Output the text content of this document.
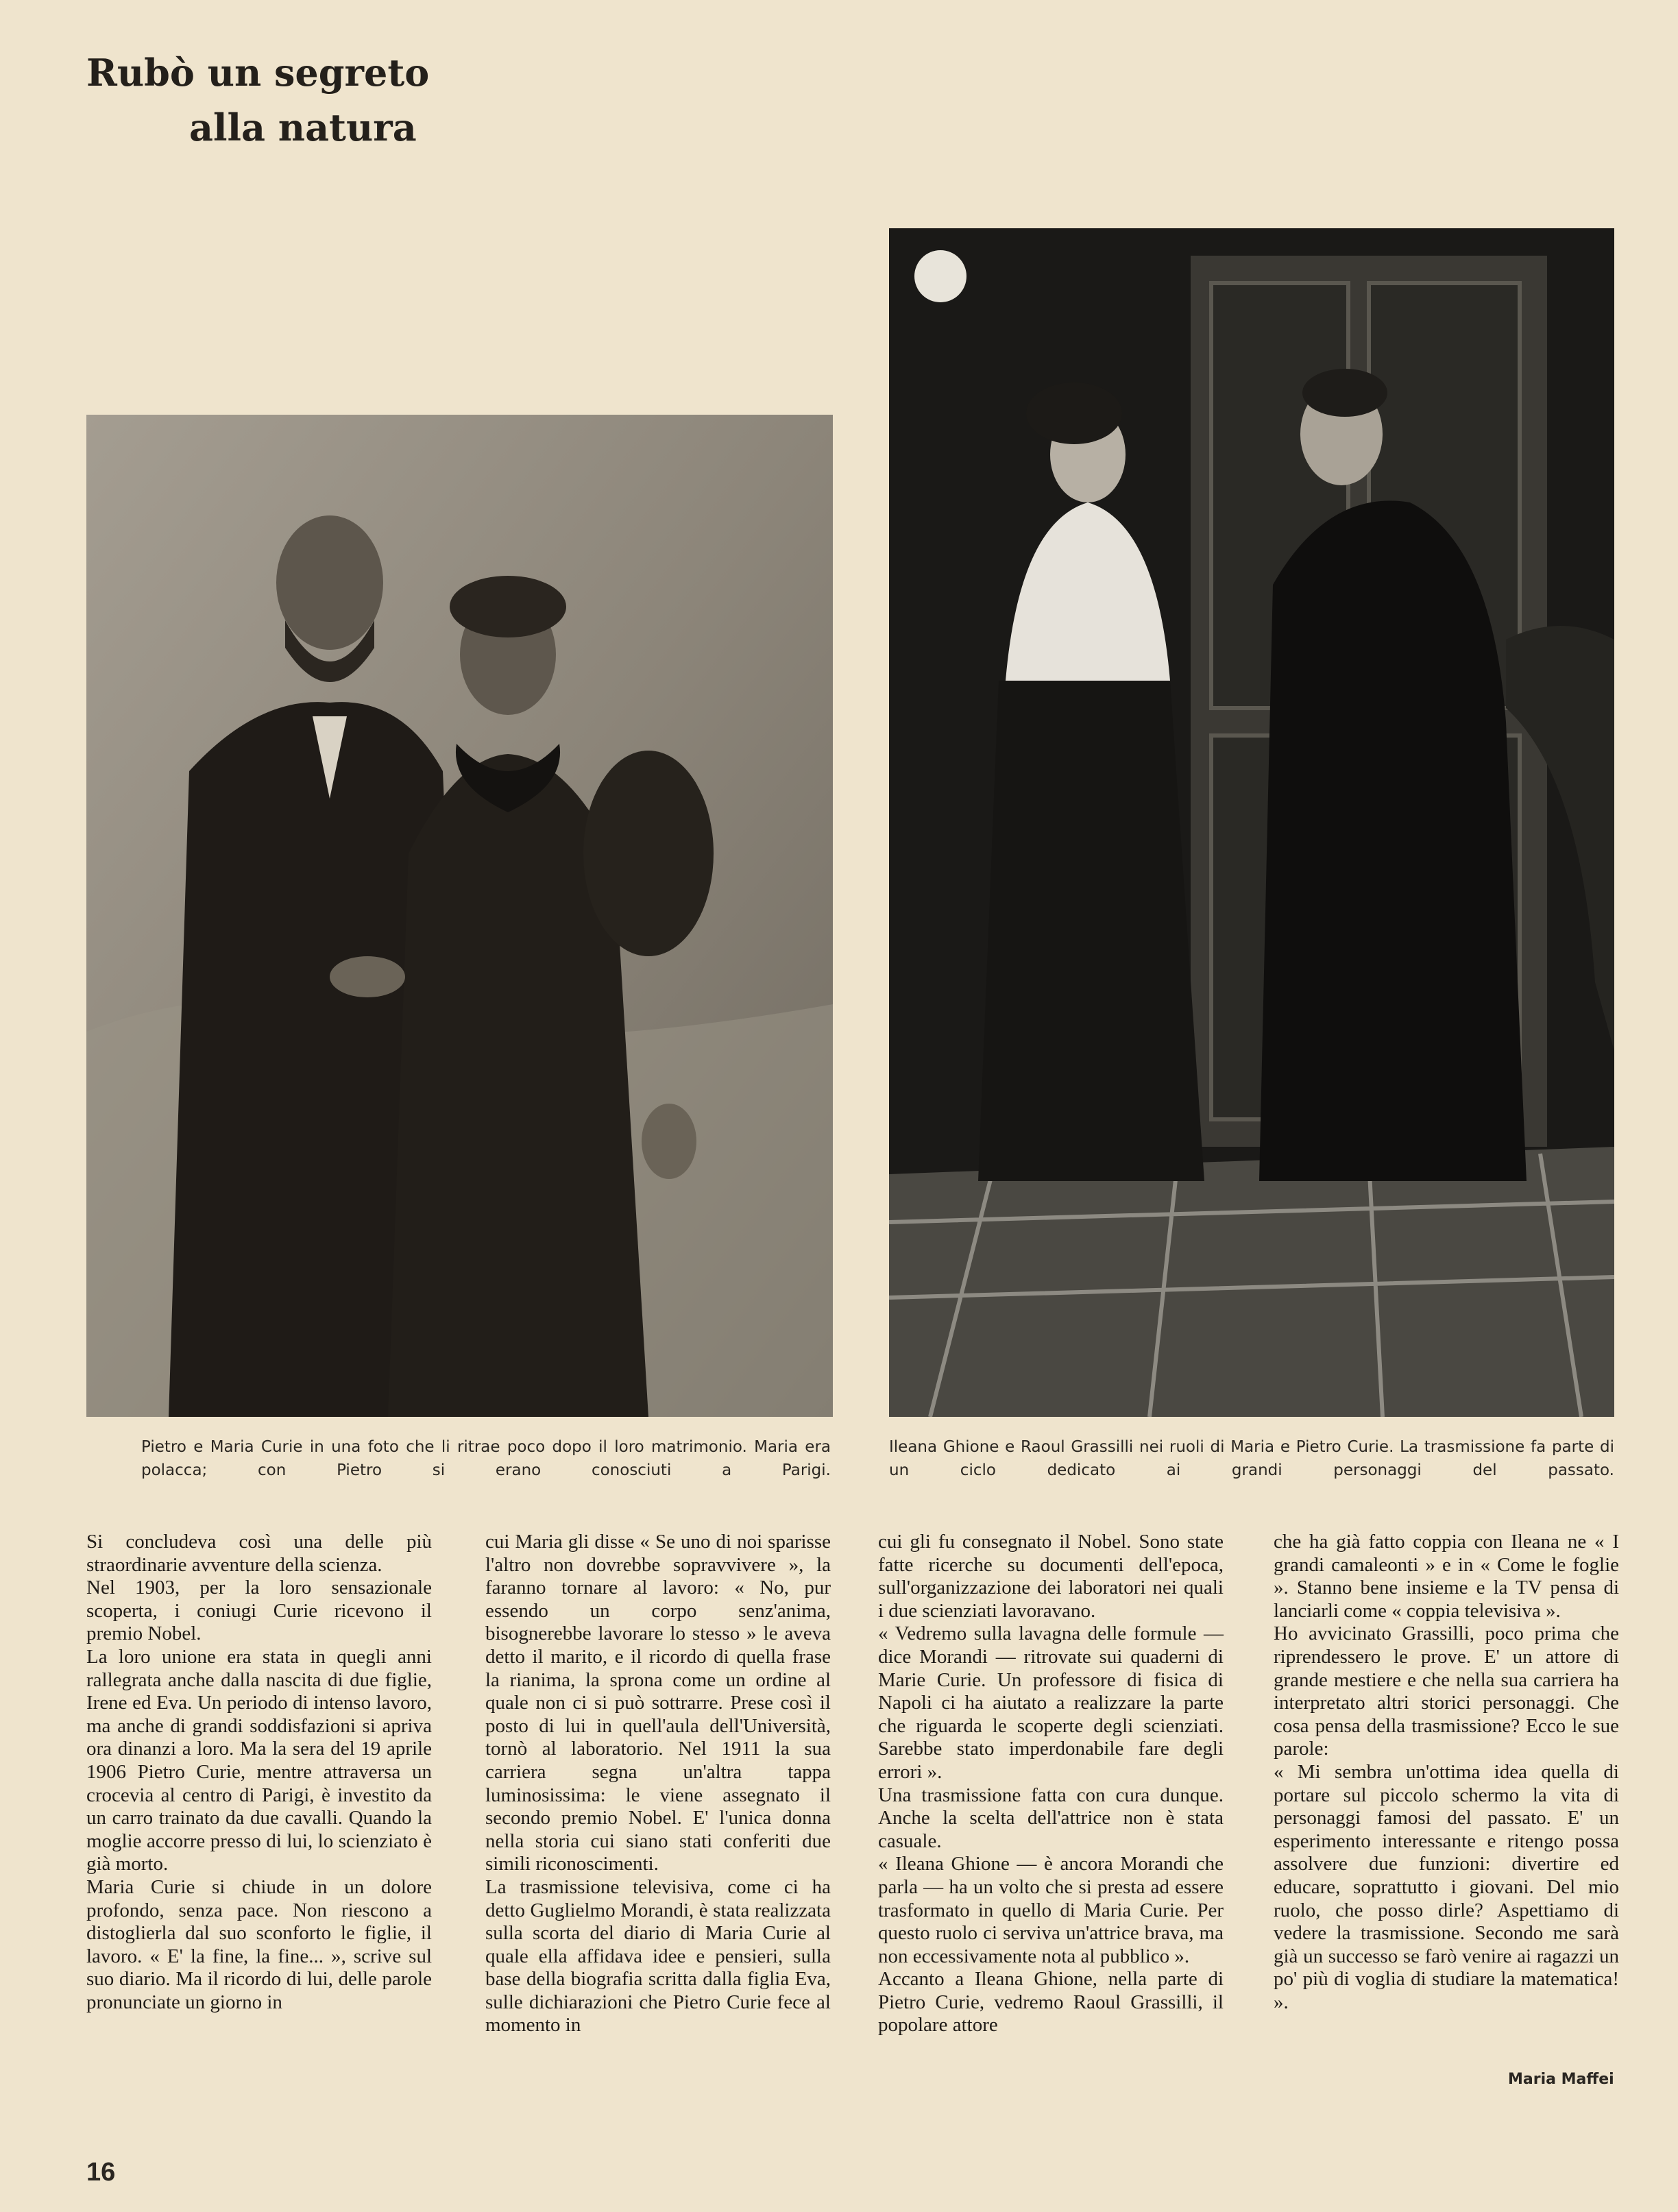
Rubò un segreto
alla natura
Pietro e Maria Curie in una foto che li ritrae poco dopo il loro matrimonio. Maria era polacca; con Pietro si erano conosciuti a Parigi.
Ileana Ghione e Raoul Grassilli nei ruoli di Maria e Pietro Curie. La trasmissione fa parte di un ciclo dedicato ai grandi personaggi del passato.

Si concludeva così una delle più straordinarie avventure della scienza.

Nel 1903, per la loro sensazionale scoperta, i coniugi Curie ricevono il premio Nobel.

La loro unione era stata in quegli anni rallegrata anche dalla nascita di due figlie, Irene ed Eva. Un periodo di intenso lavoro, ma anche di grandi soddisfazioni si apriva ora dinanzi a loro. Ma la sera del 19 aprile 1906 Pietro Curie, mentre attraversa un crocevia al centro di Parigi, è investito da un carro trainato da due cavalli. Quando la moglie accorre presso di lui, lo scienziato è già morto.

Maria Curie si chiude in un dolore profondo, senza pace. Non riescono a distoglierla dal suo sconforto le figlie, il lavoro. « E' la fine, la fine... », scrive sul suo diario. Ma il ricordo di lui, delle parole pronunciate un giorno in

cui Maria gli disse « Se uno di noi sparisse l'altro non dovrebbe sopravvivere », la faranno tornare al lavoro: « No, pur essendo un corpo senz'anima, bisognerebbe lavorare lo stesso » le aveva detto il marito, e il ricordo di quella frase la rianima, la sprona come un ordine al quale non ci si può sottrarre. Prese così il posto di lui in quell'aula dell'Università, tornò al laboratorio. Nel 1911 la sua carriera segna un'altra tappa luminosissima: le viene assegnato il secondo premio Nobel. E' l'unica donna nella storia cui siano stati conferiti due simili riconoscimenti.

La trasmissione televisiva, come ci ha detto Guglielmo Morandi, è stata realizzata sulla scorta del diario di Maria Curie al quale ella affidava idee e pensieri, sulla base della biografia scritta dalla figlia Eva, sulle dichiarazioni che Pietro Curie fece al momento in

cui gli fu consegnato il Nobel. Sono state fatte ricerche su documenti dell'epoca, sull'organizzazione dei laboratori nei quali i due scienziati lavoravano.

« Vedremo sulla lavagna delle formule — dice Morandi — ritrovate sui quaderni di Marie Curie. Un professore di fisica di Napoli ci ha aiutato a realizzare la parte che riguarda le scoperte degli scienziati. Sarebbe stato imperdonabile fare degli errori ».

Una trasmissione fatta con cura dunque. Anche la scelta dell'attrice non è stata casuale.

« Ileana Ghione — è ancora Morandi che parla — ha un volto che si presta ad essere trasformato in quello di Maria Curie. Per questo ruolo ci serviva un'attrice brava, ma non eccessivamente nota al pubblico ».

Accanto a Ileana Ghione, nella parte di Pietro Curie, vedremo Raoul Grassilli, il popolare attore

che ha già fatto coppia con Ileana ne « I grandi camaleonti » e in « Come le foglie ». Stanno bene insieme e la TV pensa di lanciarli come « coppia televisiva ».

Ho avvicinato Grassilli, poco prima che riprendessero le prove. E' un attore di grande mestiere e che nella sua carriera ha interpretato altri storici personaggi. Che cosa pensa della trasmissione? Ecco le sue parole:

« Mi sembra un'ottima idea quella di portare sul piccolo schermo la vita di personaggi famosi del passato. E' un esperimento interessante e ritengo possa assolvere due funzioni: divertire ed educare, soprattutto i giovani. Del mio ruolo, che posso dirle? Aspettiamo di vedere la trasmissione. Secondo me sarà già un successo se farò venire ai ragazzi un po' più di voglia di studiare la matematica! ».

Maria Maffei
16
